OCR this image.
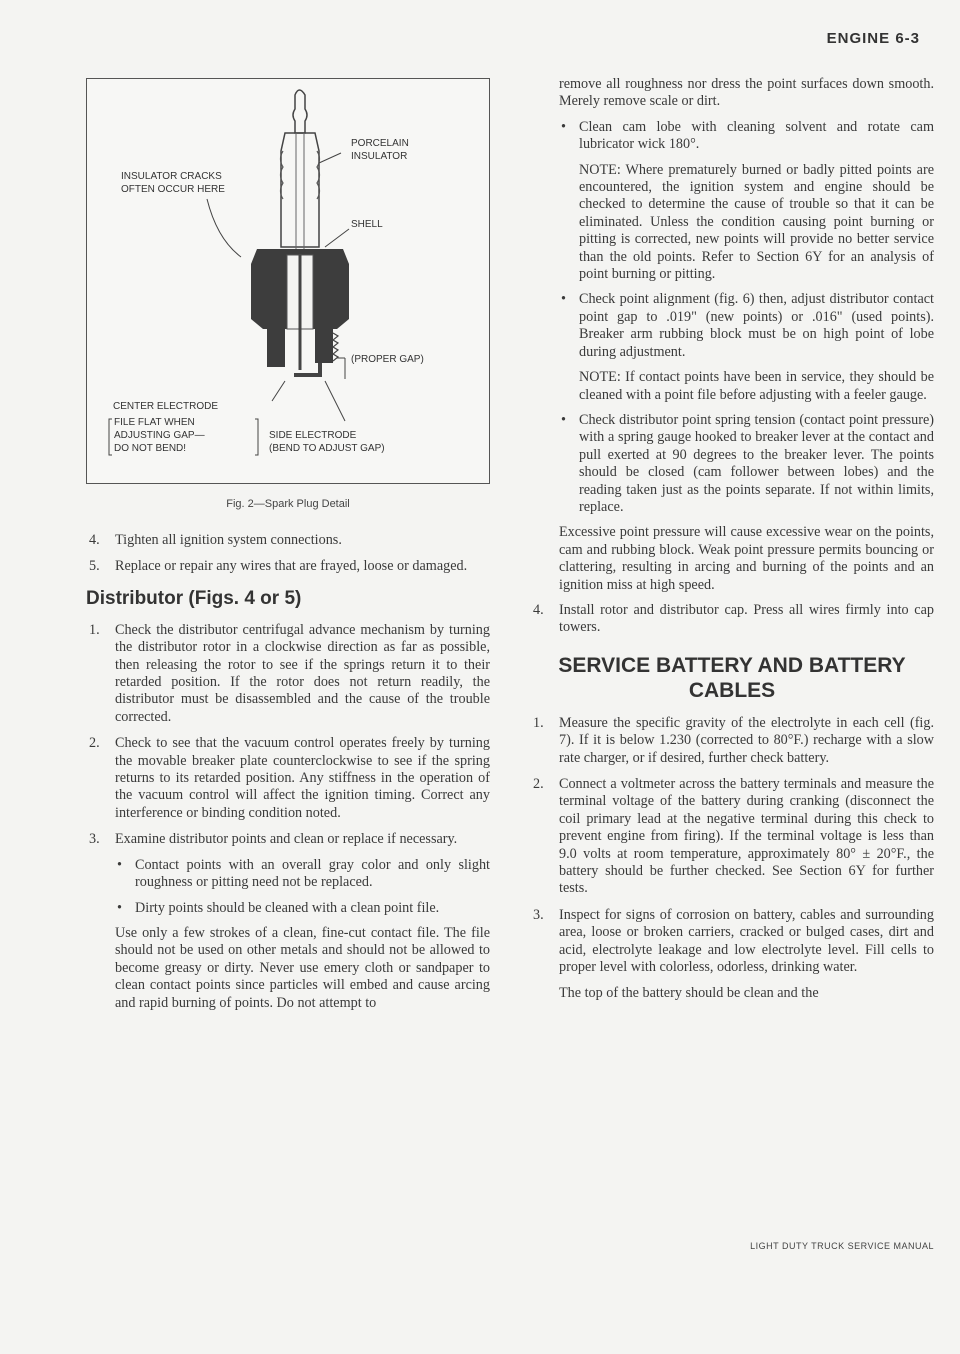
ENGINE 6-3
PORCELAIN
INSULATOR
INSULATOR CRACKS
OFTEN OCCUR HERE
SHELL
(PROPER GAP)
CENTER ELECTRODE
FILE FLAT WHEN
ADJUSTING GAP—
DO NOT BEND!
SIDE ELECTRODE
(BEND TO ADJUST GAP)
Fig. 2—Spark Plug Detail
4. Tighten all ignition system connections.
5. Replace or repair any wires that are frayed, loose or damaged.
Distributor (Figs. 4 or 5)
1. Check the distributor centrifugal advance mechanism by turning the distributor rotor in a clockwise direction as far as possible, then releasing the rotor to see if the springs return it to their retarded position. If the rotor does not return readily, the distributor must be disassembled and the cause of the trouble corrected.
2. Check to see that the vacuum control operates freely by turning the movable breaker plate counterclockwise to see if the spring returns to its retarded position. Any stiffness in the operation of the vacuum control will affect the ignition timing. Correct any interference or binding condition noted.
3. Examine distributor points and clean or replace if necessary.
• Contact points with an overall gray color and only slight roughness or pitting need not be replaced.
• Dirty points should be cleaned with a clean point file.

Use only a few strokes of a clean, fine-cut contact file. The file should not be used on other metals and should not be allowed to become greasy or dirty. Never use emery cloth or sandpaper to clean contact points since particles will embed and cause arcing and rapid burning of points. Do not attempt to

remove all roughness nor dress the point surfaces down smooth. Merely remove scale or dirt.

• Clean cam lobe with cleaning solvent and rotate cam lubricator wick 180°.

NOTE: Where prematurely burned or badly pitted points are encountered, the ignition system and engine should be checked to determine the cause of trouble so that it can be eliminated. Unless the condition causing point burning or pitting is corrected, new points will provide no better service than the old points. Refer to Section 6Y for an analysis of point burning or pitting.

• Check point alignment (fig. 6) then, adjust distributor contact point gap to .019" (new points) or .016" (used points). Breaker arm rubbing block must be on high point of lobe during adjustment.

NOTE: If contact points have been in service, they should be cleaned with a point file before adjusting with a feeler gauge.

• Check distributor point spring tension (contact point pressure) with a spring gauge hooked to breaker lever at the contact and pull exerted at 90 degrees to the breaker lever. The points should be closed (cam follower between lobes) and the reading taken just as the points separate. If not within limits, replace.

Excessive point pressure will cause excessive wear on the points, cam and rubbing block. Weak point pressure permits bouncing or clattering, resulting in arcing and burning of the points and an ignition miss at high speed.

4. Install rotor and distributor cap. Press all wires firmly into cap towers.
SERVICE BATTERY AND BATTERY CABLES
1. Measure the specific gravity of the electrolyte in each cell (fig. 7). If it is below 1.230 (corrected to 80°F.) recharge with a slow rate charger, or if desired, further check battery.
2. Connect a voltmeter across the battery terminals and measure the terminal voltage of the battery during cranking (disconnect the coil primary lead at the negative terminal during this check to prevent engine from firing). If the terminal voltage is less than 9.0 volts at room temperature, approximately 80° ± 20°F., the battery should be further checked. See Section 6Y for further tests.
3. Inspect for signs of corrosion on battery, cables and surrounding area, loose or broken carriers, cracked or bulged cases, dirt and acid, electrolyte leakage and low electrolyte level. Fill cells to proper level with colorless, odorless, drinking water.

The top of the battery should be clean and the

LIGHT DUTY TRUCK SERVICE MANUAL
